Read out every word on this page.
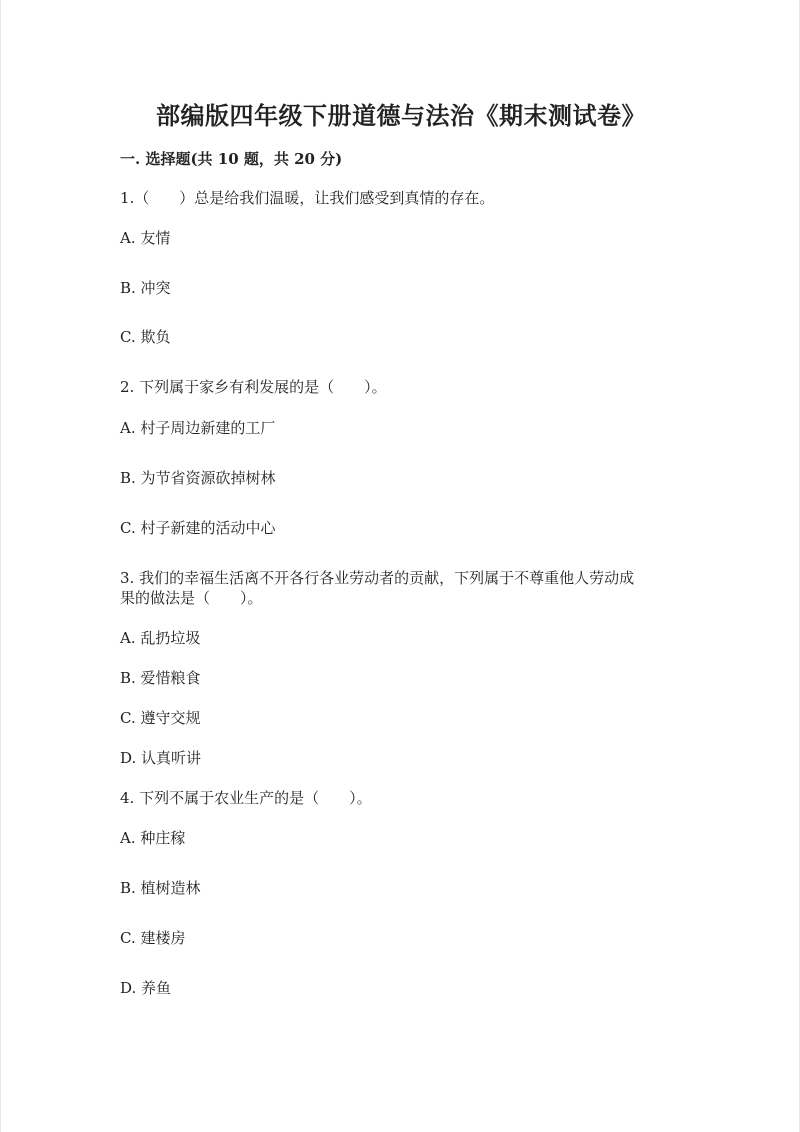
部编版四年级下册道德与法治《期末测试卷》
一. 选择题(共 10 题，共 20 分)
1.（　　）总是给我们温暖，让我们感受到真情的存在。
A. 友情
B. 冲突
C. 欺负
2. 下列属于家乡有利发展的是（　　）。
A. 村子周边新建的工厂
B. 为节省资源砍掉树林
C. 村子新建的活动中心
3. 我们的幸福生活离不开各行各业劳动者的贡献，下列属于不尊重他人劳动成
果的做法是（　　）。
A. 乱扔垃圾
B. 爱惜粮食
C. 遵守交规
D. 认真听讲
4. 下列不属于农业生产的是（　　）。
A. 种庄稼
B. 植树造林
C. 建楼房
D. 养鱼
